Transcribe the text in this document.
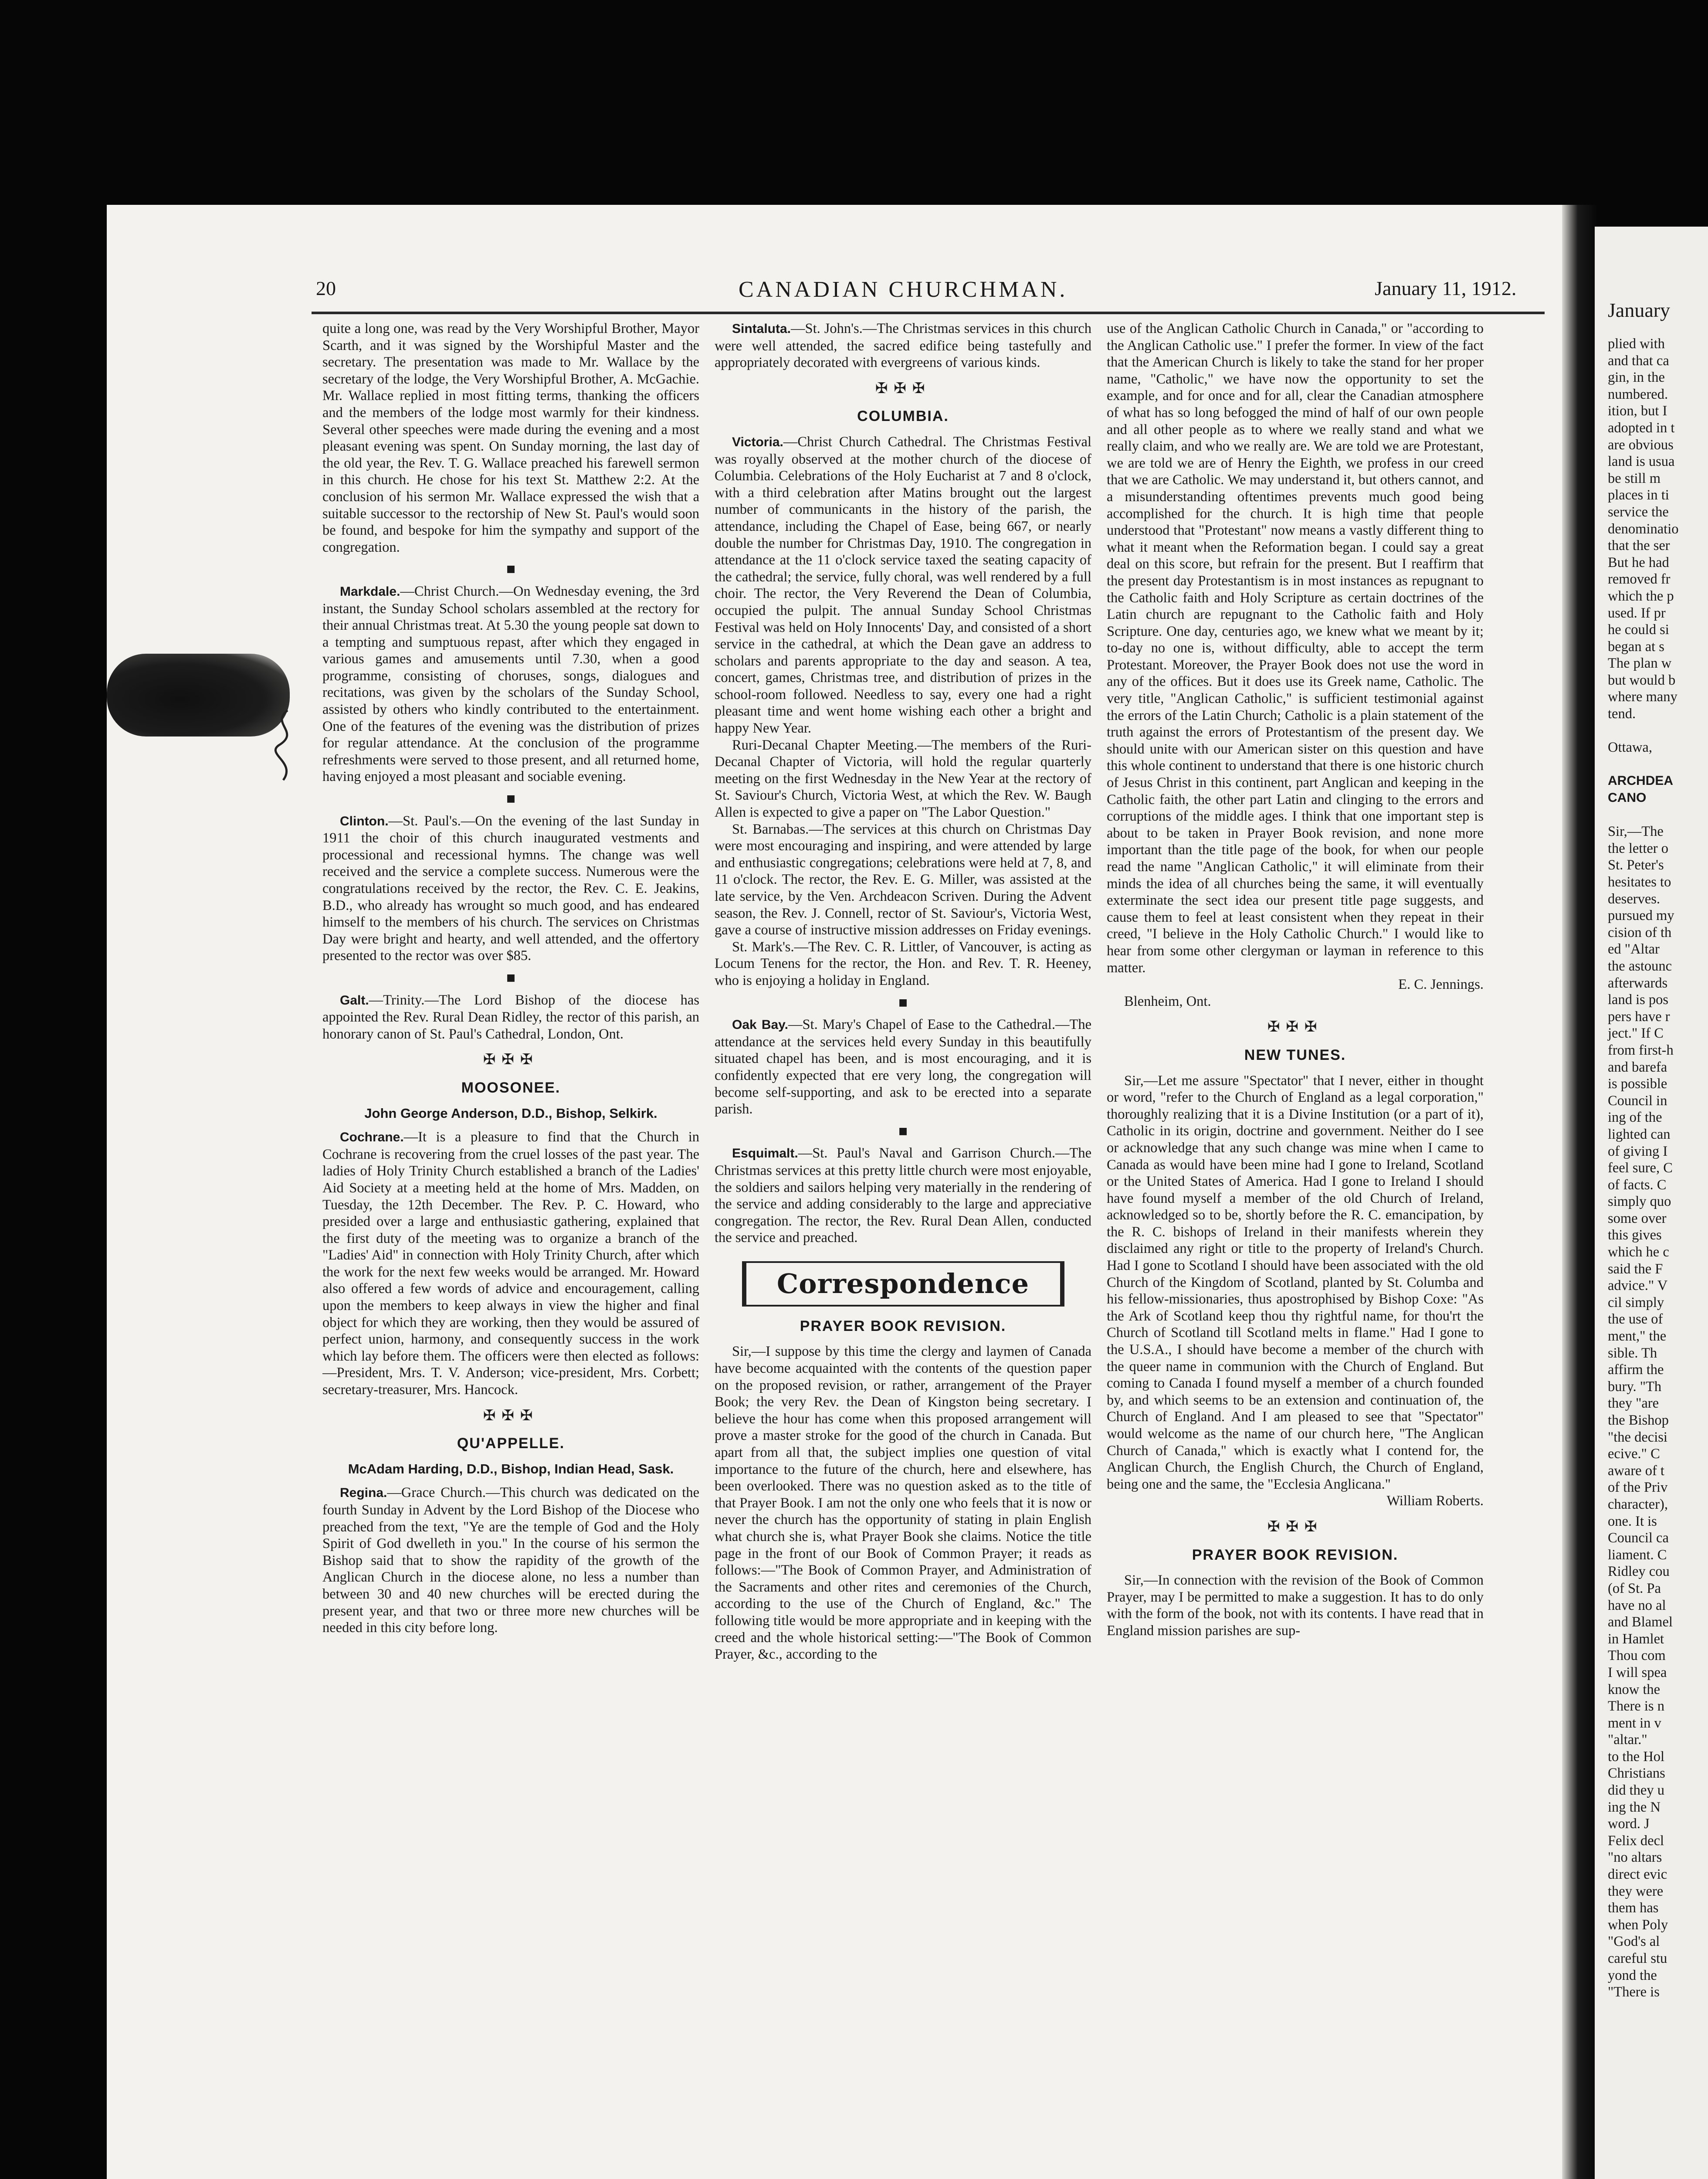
20	CANADIAN CHURCHMAN.	January 11, 1912.

quite a long one, was read by the Very Worshipful Brother, Mayor Scarth, and it was signed by the Worshipful Master and the secretary. The presentation was made to Mr. Wallace by the secretary of the lodge, the Very Worshipful Brother, A. McGachie. Mr. Wallace replied in most fitting terms, thanking the officers and the members of the lodge most warmly for their kindness. Several other speeches were made during the evening and a most pleasant evening was spent. On Sunday morning, the last day of the old year, the Rev. T. G. Wallace preached his farewell sermon in this church. He chose for his text St. Matthew 2:2. At the conclusion of his sermon Mr. Wallace expressed the wish that a suitable successor to the rectorship of New St. Paul's would soon be found, and bespoke for him the sympathy and support of the congregation.

■

Markdale.—Christ Church.—On Wednesday evening, the 3rd instant, the Sunday School scholars assembled at the rectory for their annual Christmas treat. At 5.30 the young people sat down to a tempting and sumptuous repast, after which they engaged in various games and amusements until 7.30, when a good programme, consisting of choruses, songs, dialogues and recitations, was given by the scholars of the Sunday School, assisted by others who kindly contributed to the entertainment. One of the features of the evening was the distribution of prizes for regular attendance. At the conclusion of the programme refreshments were served to those present, and all returned home, having enjoyed a most pleasant and sociable evening.

■

Clinton.—St. Paul's.—On the evening of the last Sunday in 1911 the choir of this church inaugurated vestments and processional and recessional hymns. The change was well received and the service a complete success. Numerous were the congratulations received by the rector, the Rev. C. E. Jeakins, B.D., who already has wrought so much good, and has endeared himself to the members of his church. The services on Christmas Day were bright and hearty, and well attended, and the offertory presented to the rector was over $85.

■

Galt.—Trinity.—The Lord Bishop of the diocese has appointed the Rev. Rural Dean Ridley, the rector of this parish, an honorary canon of St. Paul's Cathedral, London, Ont.

✠✠✠
MOOSONEE.
John George Anderson, D.D., Bishop, Selkirk.

Cochrane.—It is a pleasure to find that the Church in Cochrane is recovering from the cruel losses of the past year. The ladies of Holy Trinity Church established a branch of the Ladies' Aid Society at a meeting held at the home of Mrs. Madden, on Tuesday, the 12th December. The Rev. P. C. Howard, who presided over a large and enthusiastic gathering, explained that the first duty of the meeting was to organize a branch of the "Ladies' Aid" in connection with Holy Trinity Church, after which the work for the next few weeks would be arranged. Mr. Howard also offered a few words of advice and encouragement, calling upon the members to keep always in view the higher and final object for which they are working, then they would be assured of perfect union, harmony, and consequently success in the work which lay before them. The officers were then elected as follows:—President, Mrs. T. V. Anderson; vice-president, Mrs. Corbett; secretary-treasurer, Mrs. Hancock.

✠✠✠
QU'APPELLE.
McAdam Harding, D.D., Bishop, Indian Head, Sask.

Regina.—Grace Church.—This church was dedicated on the fourth Sunday in Advent by the Lord Bishop of the Diocese who preached from the text, "Ye are the temple of God and the Holy Spirit of God dwelleth in you." In the course of his sermon the Bishop said that to show the rapidity of the growth of the Anglican Church in the diocese alone, no less a number than between 30 and 40 new churches will be erected during the present year, and that two or three more new churches will be needed in this city before long.

Sintaluta.—St. John's.—The Christmas services in this church were well attended, the sacred edifice being tastefully and appropriately decorated with evergreens of various kinds.

✠✠✠
COLUMBIA.

Victoria.—Christ Church Cathedral. The Christmas Festival was royally observed at the mother church of the diocese of Columbia. Celebrations of the Holy Eucharist at 7 and 8 o'clock, with a third celebration after Matins brought out the largest number of communicants in the history of the parish, the attendance, including the Chapel of Ease, being 667, or nearly double the number for Christmas Day, 1910. The congregation in attendance at the 11 o'clock service taxed the seating capacity of the cathedral; the service, fully choral, was well rendered by a full choir. The rector, the Very Reverend the Dean of Columbia, occupied the pulpit. The annual Sunday School Christmas Festival was held on Holy Innocents' Day, and consisted of a short service in the cathedral, at which the Dean gave an address to scholars and parents appropriate to the day and season. A tea, concert, games, Christmas tree, and distribution of prizes in the school-room followed. Needless to say, every one had a right pleasant time and went home wishing each other a bright and happy New Year.

Ruri-Decanal Chapter Meeting.—The members of the Ruri-Decanal Chapter of Victoria, will hold the regular quarterly meeting on the first Wednesday in the New Year at the rectory of St. Saviour's Church, Victoria West, at which the Rev. W. Baugh Allen is expected to give a paper on "The Labor Question."

St. Barnabas.—The services at this church on Christmas Day were most encouraging and inspiring, and were attended by large and enthusiastic congregations; celebrations were held at 7, 8, and 11 o'clock. The rector, the Rev. E. G. Miller, was assisted at the late service, by the Ven. Archdeacon Scriven. During the Advent season, the Rev. J. Connell, rector of St. Saviour's, Victoria West, gave a course of instructive mission addresses on Friday evenings.

St. Mark's.—The Rev. C. R. Littler, of Vancouver, is acting as Locum Tenens for the rector, the Hon. and Rev. T. R. Heeney, who is enjoying a holiday in England.

■

Oak Bay.—St. Mary's Chapel of Ease to the Cathedral.—The attendance at the services held every Sunday in this beautifully situated chapel has been, and is most encouraging, and it is confidently expected that ere very long, the congregation will become self-supporting, and ask to be erected into a separate parish.

■

Esquimalt.—St. Paul's Naval and Garrison Church.—The Christmas services at this pretty little church were most enjoyable, the soldiers and sailors helping very materially in the rendering of the service and adding considerably to the large and appreciative congregation. The rector, the Rev. Rural Dean Allen, conducted the service and preached.

Correspondence
PRAYER BOOK REVISION.

Sir,—I suppose by this time the clergy and laymen of Canada have become acquainted with the contents of the question paper on the proposed revision, or rather, arrangement of the Prayer Book; the very Rev. the Dean of Kingston being secretary. I believe the hour has come when this proposed arrangement will prove a master stroke for the good of the church in Canada. But apart from all that, the subject implies one question of vital importance to the future of the church, here and elsewhere, has been overlooked. There was no question asked as to the title of that Prayer Book. I am not the only one who feels that it is now or never the church has the opportunity of stating in plain English what church she is, what Prayer Book she claims. Notice the title page in the front of our Book of Common Prayer; it reads as follows:—"The Book of Common Prayer, and Administration of the Sacraments and other rites and ceremonies of the Church, according to the use of the Church of England, &c." The following title would be more appropriate and in keeping with the creed and the whole historical setting:—"The Book of Common Prayer, &c., according to the

use of the Anglican Catholic Church in Canada," or "according to the Anglican Catholic use." I prefer the former. In view of the fact that the American Church is likely to take the stand for her proper name, "Catholic," we have now the opportunity to set the example, and for once and for all, clear the Canadian atmosphere of what has so long befogged the mind of half of our own people and all other people as to where we really stand and what we really claim, and who we really are. We are told we are Protestant, we are told we are of Henry the Eighth, we profess in our creed that we are Catholic. We may understand it, but others cannot, and a misunderstanding oftentimes prevents much good being accomplished for the church. It is high time that people understood that "Protestant" now means a vastly different thing to what it meant when the Reformation began. I could say a great deal on this score, but refrain for the present. But I reaffirm that the present day Protestantism is in most instances as repugnant to the Catholic faith and Holy Scripture as certain doctrines of the Latin church are repugnant to the Catholic faith and Holy Scripture. One day, centuries ago, we knew what we meant by it; to-day no one is, without difficulty, able to accept the term Protestant. Moreover, the Prayer Book does not use the word in any of the offices. But it does use its Greek name, Catholic. The very title, "Anglican Catholic," is sufficient testimonial against the errors of the Latin Church; Catholic is a plain statement of the truth against the errors of Protestantism of the present day. We should unite with our American sister on this question and have this whole continent to understand that there is one historic church of Jesus Christ in this continent, part Anglican and keeping in the Catholic faith, the other part Latin and clinging to the errors and corruptions of the middle ages. I think that one important step is about to be taken in Prayer Book revision, and none more important than the title page of the book, for when our people read the name "Anglican Catholic," it will eliminate from their minds the idea of all churches being the same, it will eventually exterminate the sect idea our present title page suggests, and cause them to feel at least consistent when they repeat in their creed, "I believe in the Holy Catholic Church." I would like to hear from some other clergyman or layman in reference to this matter.

E. C. Jennings.

Blenheim, Ont.

✠✠✠
NEW TUNES.

Sir,—Let me assure "Spectator" that I never, either in thought or word, "refer to the Church of England as a legal corporation," thoroughly realizing that it is a Divine Institution (or a part of it), Catholic in its origin, doctrine and government. Neither do I see or acknowledge that any such change was mine when I came to Canada as would have been mine had I gone to Ireland, Scotland or the United States of America. Had I gone to Ireland I should have found myself a member of the old Church of Ireland, acknowledged so to be, shortly before the R. C. emancipation, by the R. C. bishops of Ireland in their manifests wherein they disclaimed any right or title to the property of Ireland's Church. Had I gone to Scotland I should have been associated with the old Church of the Kingdom of Scotland, planted by St. Columba and his fellow-missionaries, thus apostrophised by Bishop Coxe: "As the Ark of Scotland keep thou thy rightful name, for thou'rt the Church of Scotland till Scotland melts in flame." Had I gone to the U.S.A., I should have become a member of the church with the queer name in communion with the Church of England. But coming to Canada I found myself a member of a church founded by, and which seems to be an extension and continuation of, the Church of England. And I am pleased to see that "Spectator" would welcome as the name of our church here, "The Anglican Church of Canada," which is exactly what I contend for, the Anglican Church, the English Church, the Church of England, being one and the same, the "Ecclesia Anglicana."

William Roberts.

✠✠✠
PRAYER BOOK REVISION.

Sir,—In connection with the revision of the Book of Common Prayer, may I be permitted to make a suggestion. It has to do only with the form of the book, not with its contents. I have read that in England mission parishes are sup-

January
plied with
and that ca
gin, in the
numbered.
ition, but I
adopted in t
are obvious
land is usua
be still m
places in ti
service the
denominatio
that the ser
But he had
removed fr
which the p
used. If pr
he could si
began at s
The plan w
but would b
where many
tend.
Ottawa,
ARCHDEA
CANO
Sir,—The
the letter o
St. Peter's
hesitates to
deserves.
pursued my
cision of th
ed "Altar
the astounc
afterwards
land is pos
pers have r
ject." If C
from first-h
and barefa
is possible
Council in
ing of the
lighted can
of giving I
feel sure, C
of facts. C
simply quo
some over
this gives
which he c
said the F
advice." V
cil simply
the use of
ment," the
sible. Th
affirm the
bury. "Th
they "are
the Bishop
"the decisi
ecive." C
aware of t
of the Priv
character),
one. It is
Council ca
liament. C
Ridley cou
(of St. Pa
have no al
and Blamel
in Hamlet
Thou com
I will spea
know the
There is n
ment in v
"altar."
to the Hol
Christians
did they u
ing the N
word. J
Felix decl
"no altars
direct evic
they were
them has
when Poly
"God's al
careful stu
yond the
"There is
